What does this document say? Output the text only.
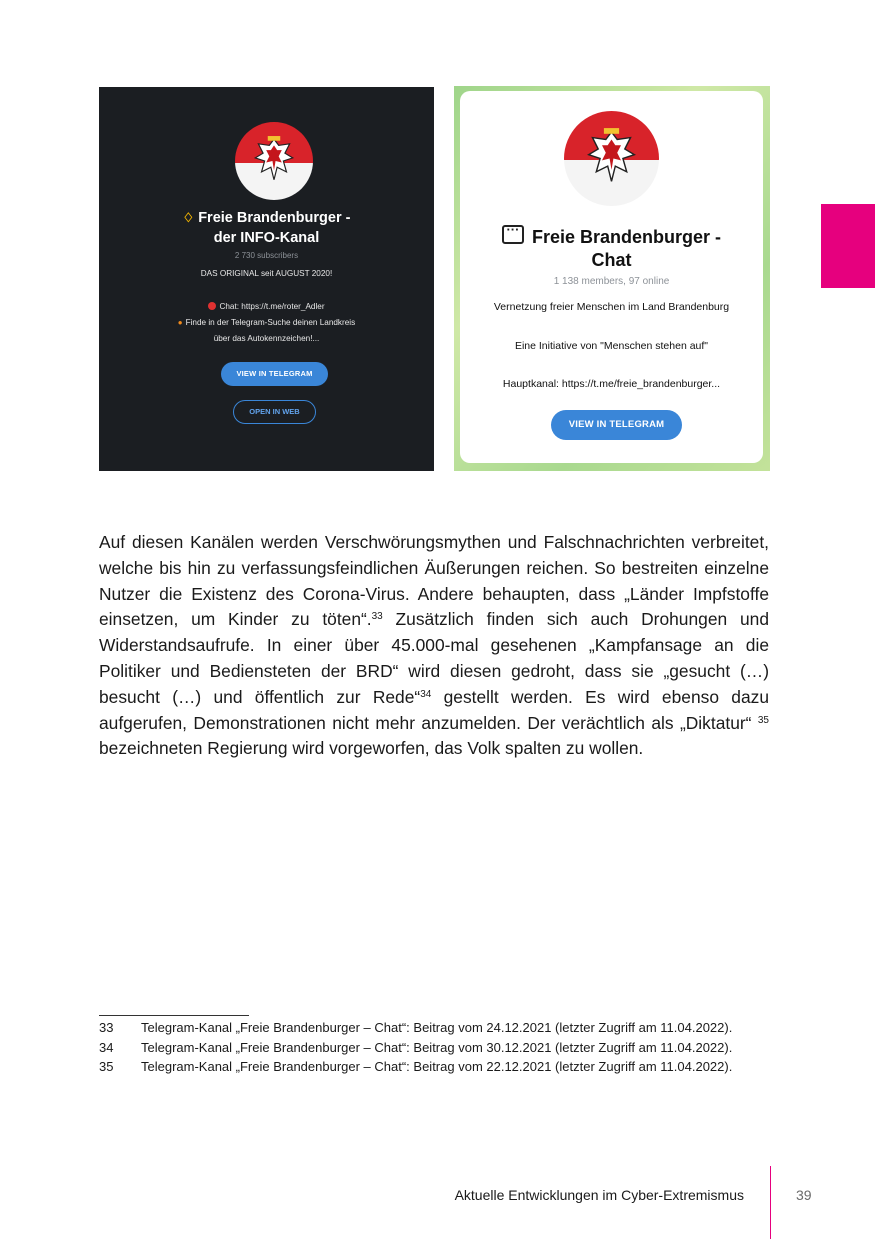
♢ Freie Brandenburger -
der INFO-Kanal
2 730 subscribers
DAS ORIGINAL seit AUGUST 2020!
Chat: https://t.me/roter_Adler
● Finde in der Telegram-Suche deinen Landkreis
über das Autokennzeichen!...
VIEW IN TELEGRAM
OPEN IN WEB
···Freie Brandenburger -
Chat
1 138 members, 97 online
Vernetzung freier Menschen im Land Brandenburg
Eine Initiative von "Menschen stehen auf"
Hauptkanal: https://t.me/freie_brandenburger...
VIEW IN TELEGRAM

Auf diesen Kanälen werden Verschwörungsmythen und Falschnachrichten verbreitet, welche bis hin zu verfassungsfeindlichen Äußerungen reichen. So bestreiten einzelne Nutzer die Existenz des Corona-Virus. Andere behaupten, dass „Länder Impfstoffe einsetzen, um Kinder zu töten“.$^{33}$ Zusätzlich finden sich auch Drohungen und Widerstandsaufrufe. In einer über 45.000-mal gesehenen „Kampfansage an die Politiker und Bediensteten der BRD“ wird diesen gedroht, dass sie „gesucht (…) besucht (…) und öffentlich zur Rede“$^{34}$ gestellt werden. Es wird ebenso dazu aufgerufen, Demonstrationen nicht mehr anzumelden. Der verächtlich als „Diktatur“ $^{35}$ bezeichneten Regierung wird vorgeworfen, das Volk spalten zu wollen.

33	Telegram-Kanal „Freie Brandenburger – Chat“: Beitrag vom 24.12.2021 (letzter Zugriff am 11.04.2022).
34	Telegram-Kanal „Freie Brandenburger – Chat“: Beitrag vom 30.12.2021 (letzter Zugriff am 11.04.2022).
35	Telegram-Kanal „Freie Brandenburger – Chat“: Beitrag vom 22.12.2021 (letzter Zugriff am 11.04.2022).
Aktuelle Entwicklungen im Cyber-Extremismus	39
